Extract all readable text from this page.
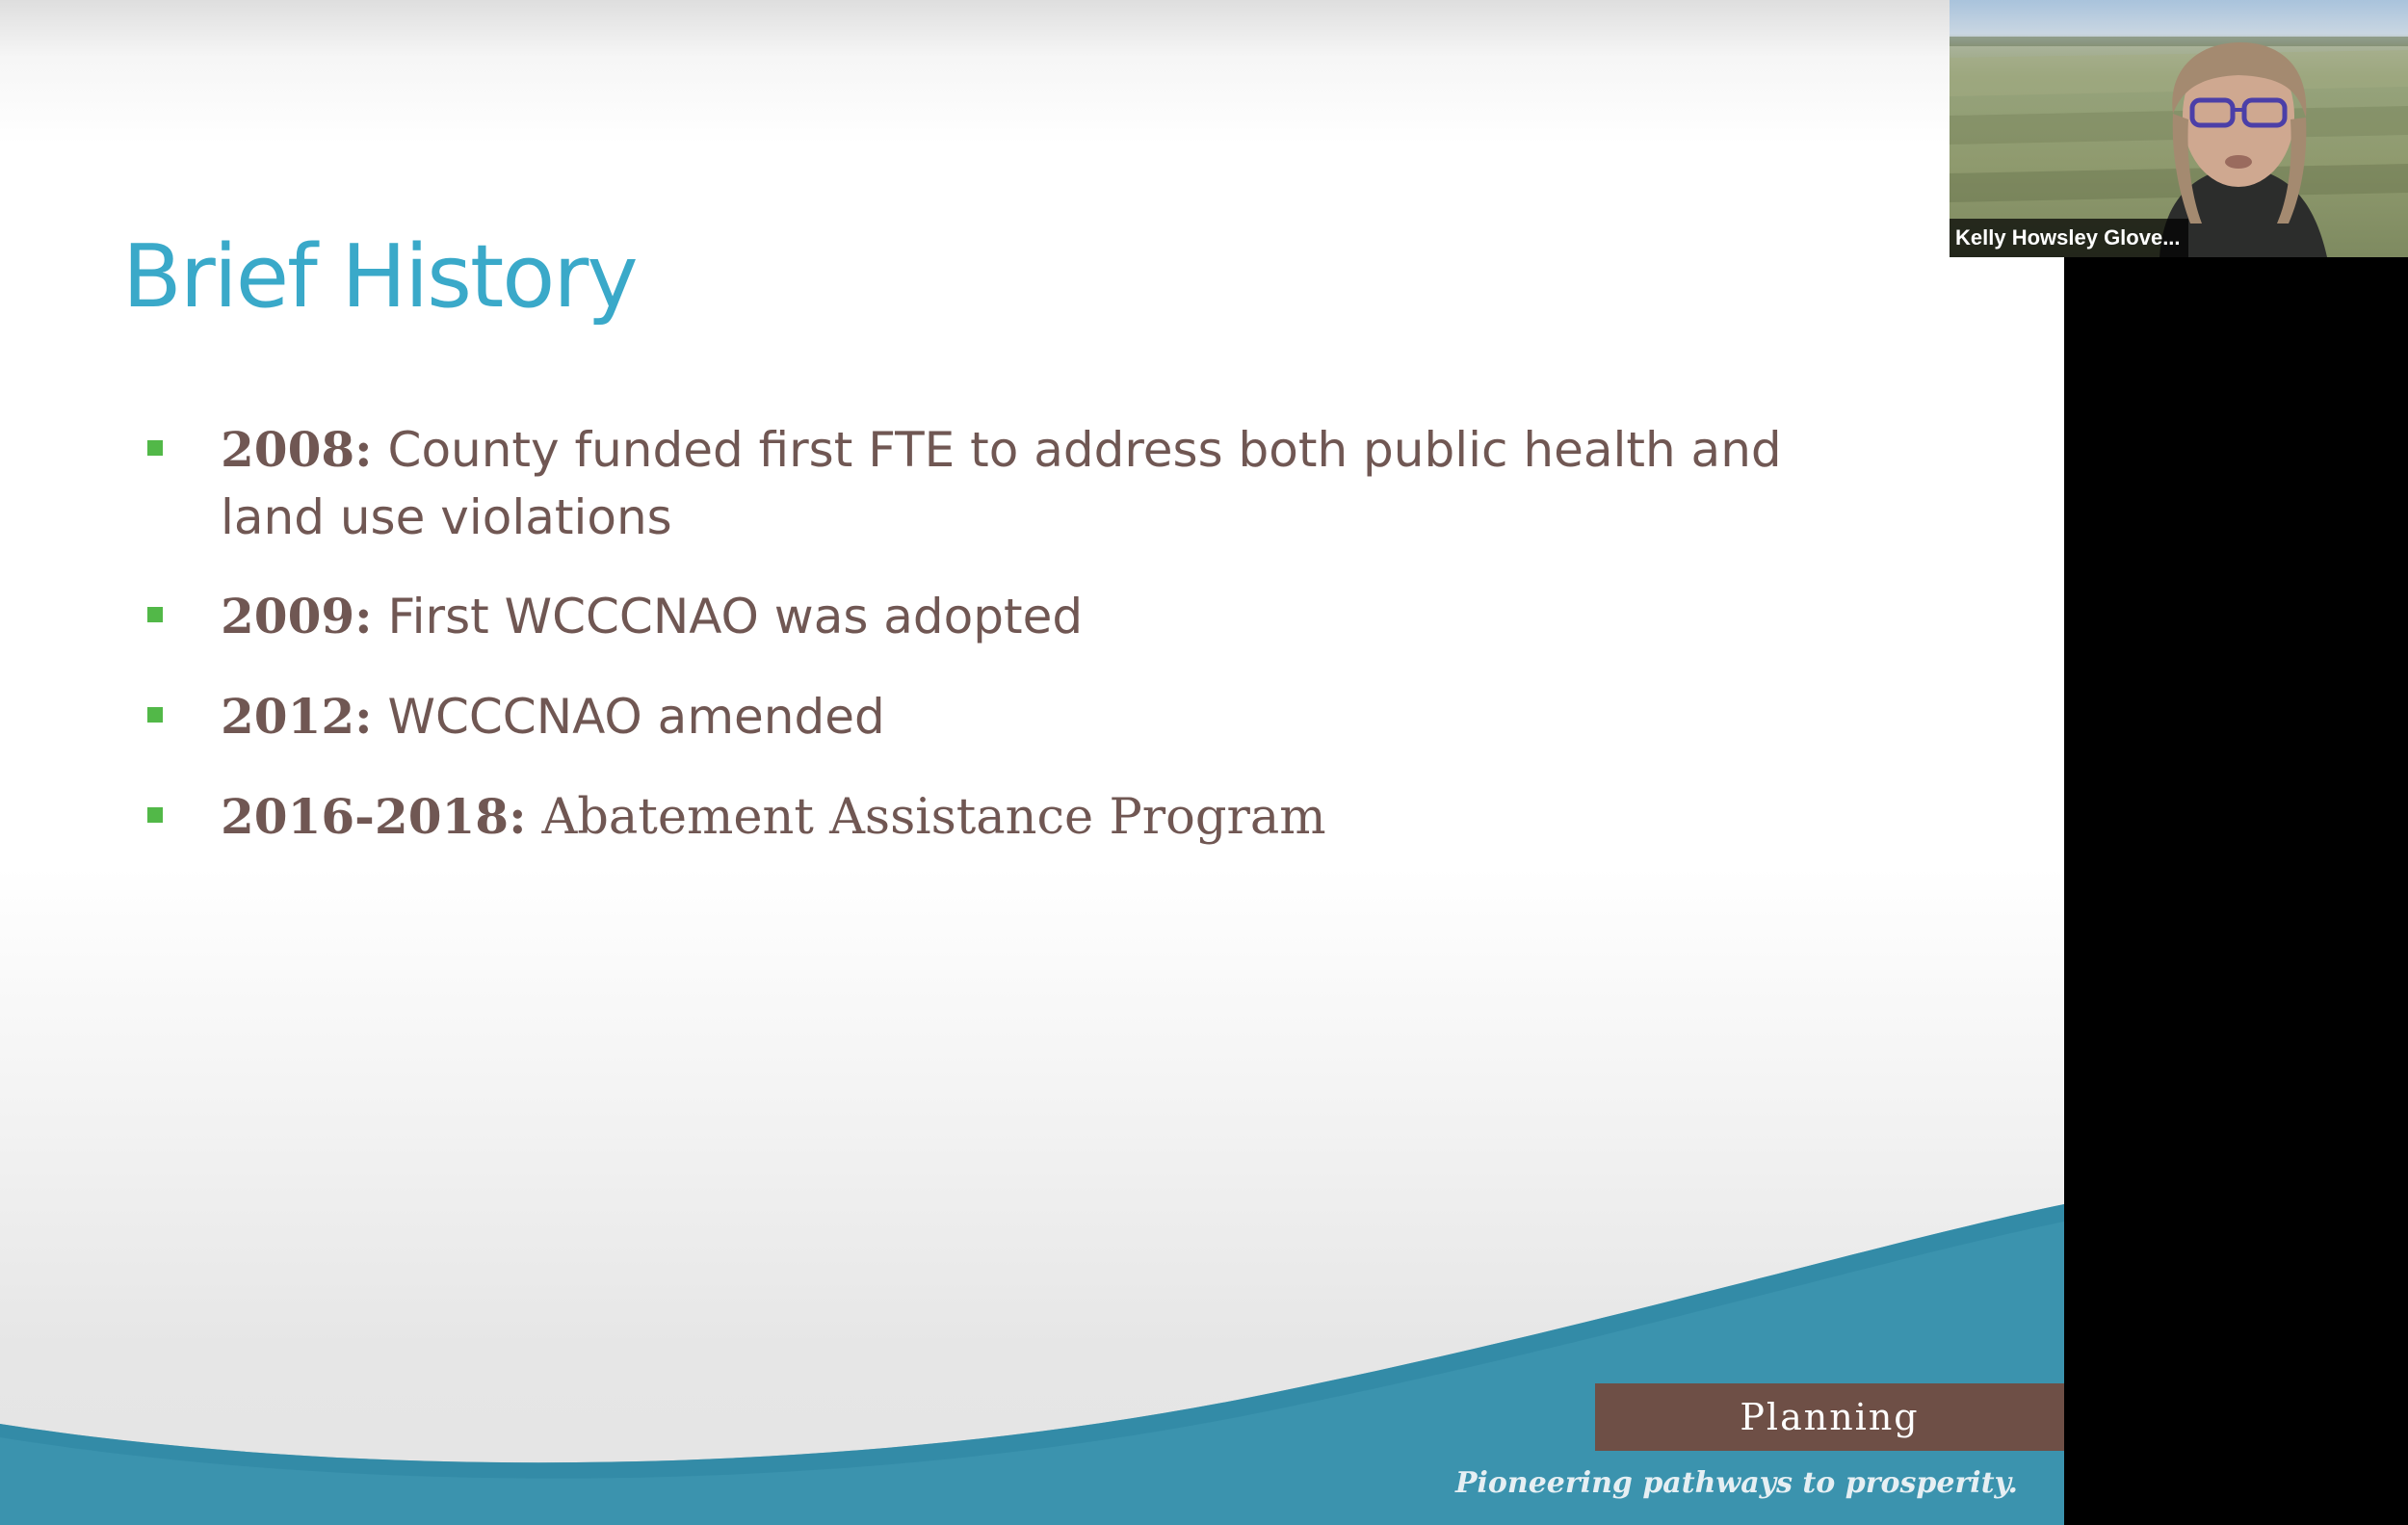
Brief History

2008: County funded first FTE to address both public health and land use violations

2009: First WCCCNAO was adopted

2012: WCCCNAO amended

2016-2018: Abatement Assistance Program

Planning
Pioneering pathways to prosperity.
Kelly Howsley Glove...
